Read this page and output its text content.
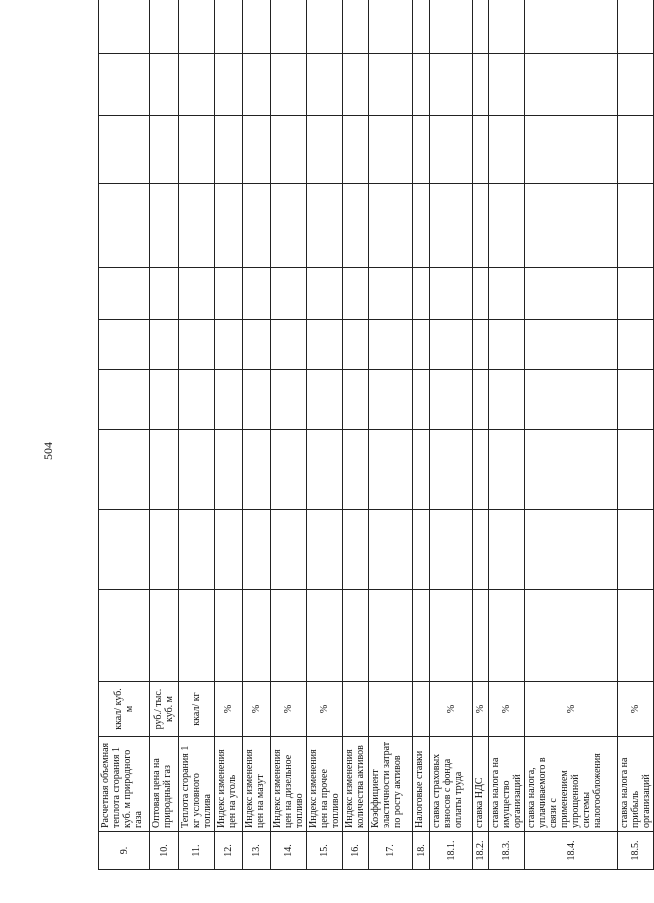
504
9.	Расчетная объемная теплота сгорания 1 куб. м природного газа	ккал/ куб. м											
10.	Оптовая цена на природный газ	руб./ тыс. куб. м											
11.	Теплота сгорания 1 кг условного топлива	ккал/ кг											
12.	Индекс изменения цен на уголь	%											
13.	Индекс изменения цен на мазут	%											
14.	Индекс изменения цен на дизельное топливо	%											
15.	Индекс изменения цен на прочее топливо	%											
16.	Индекс изменения количества активов												
17.	Коэффициент эластичности затрат по росту активов												
18.	Налоговые ставки												
18.1.	ставка страховых взносов с фонда оплаты труда	%											
18.2.	ставка НДС	%											
18.3.	ставка налога на имущество организаций	%											
18.4.	ставка налога, уплачиваемого в связи с применением упрощенной системы налогообложения	%											
18.5.	ставка налога на прибыль организаций	%											
